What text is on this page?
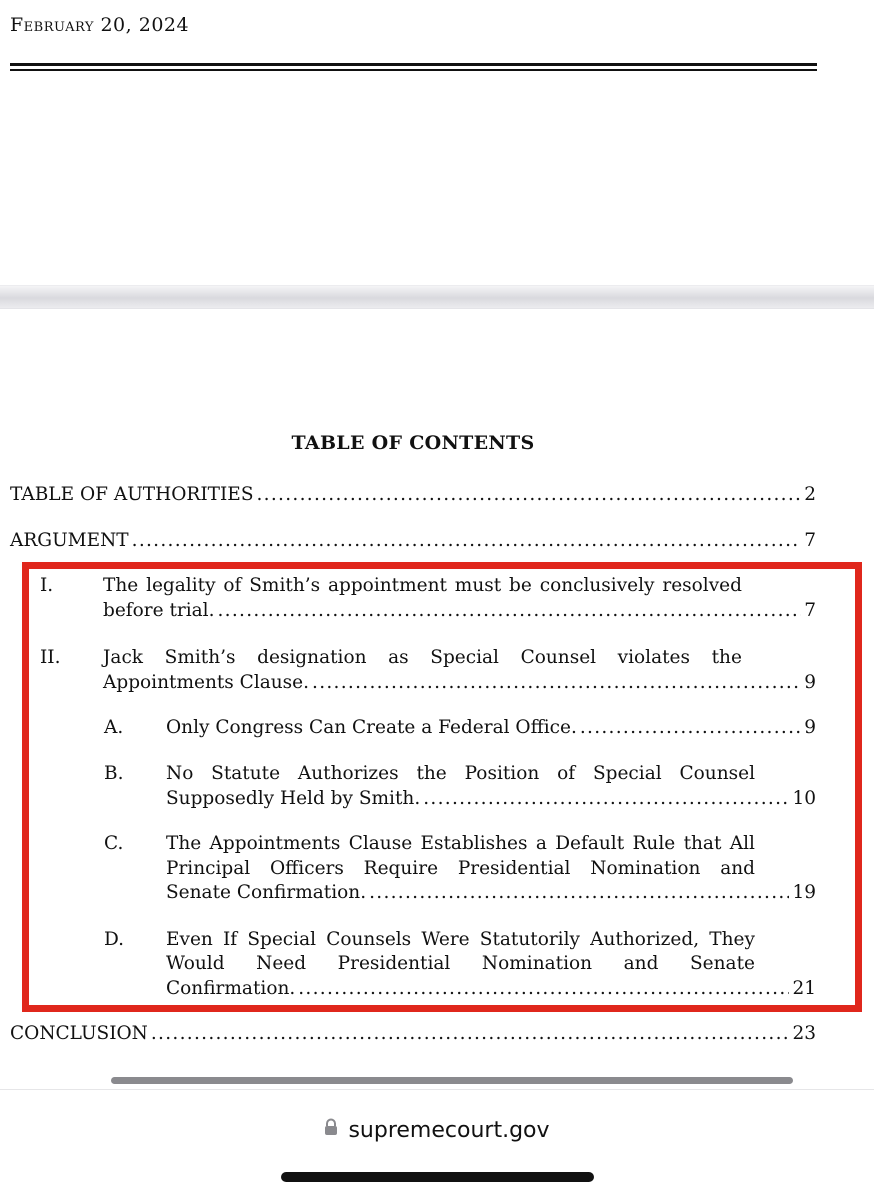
February 20, 2024
TABLE OF CONTENTS
TABLE OF AUTHORITIES .....	2
ARGUMENT .....	7
I.	The legality of Smith’s appointment must be conclusively resolved
before trial. .....	7
II. Jack Smith’s designation as Special Counsel violates the
Appointments Clause. .....	9
A. Only Congress Can Create a Federal Office. .....	9
B. No Statute Authorizes the Position of Special Counsel
Supposedly Held by Smith. .....	10
C. The Appointments Clause Establishes a Default Rule that All
Principal Officers Require Presidential Nomination and
Senate Confirmation. .....	19
D. Even If Special Counsels Were Statutorily Authorized, They
Would Need Presidential Nomination and Senate
Confirmation. .....	21
CONCLUSION .....	23
supremecourt.gov
